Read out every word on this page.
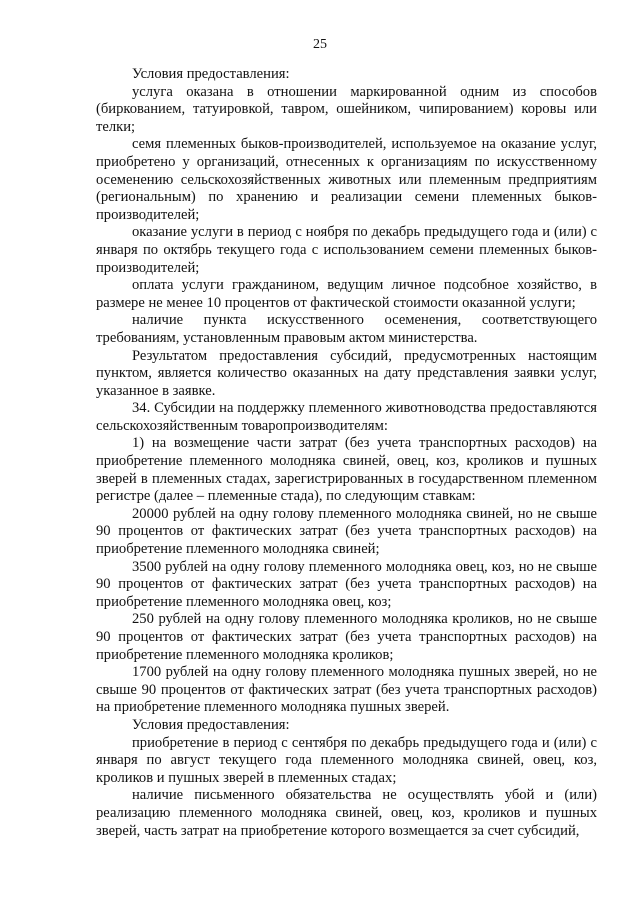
25

Условия предоставления:

услуга оказана в отношении маркированной одним из способов (биркованием, татуировкой, тавром, ошейником, чипированием) коровы или телки;

семя племенных быков-производителей, используемое на оказание услуг, приобретено у организаций, отнесенных к организациям по искусственному осеменению сельскохозяйственных животных или племенным предприятиям (региональным) по хранению и реализации семени племенных быков-производителей;

оказание услуги в период с ноября по декабрь предыдущего года и (или) с января по октябрь текущего года с использованием семени племенных быков-производителей;

оплата услуги гражданином, ведущим личное подсобное хозяйство, в размере не менее 10 процентов от фактической стоимости оказанной услуги;

наличие пункта искусственного осеменения, соответствующего требованиям, установленным правовым актом министерства.

Результатом предоставления субсидий, предусмотренных настоящим пунктом, является количество оказанных на дату представления заявки услуг, указанное в заявке.

34. Субсидии на поддержку племенного животноводства предоставляются сельскохозяйственным товаропроизводителям:

1) на возмещение части затрат (без учета транспортных расходов) на приобретение племенного молодняка свиней, овец, коз, кроликов и пушных зверей в племенных стадах, зарегистрированных в государственном племенном регистре (далее – племенные стада), по следующим ставкам:

20000 рублей на одну голову племенного молодняка свиней, но не свыше 90 процентов от фактических затрат (без учета транспортных расходов) на приобретение племенного молодняка свиней;

3500 рублей на одну голову племенного молодняка овец, коз, но не свыше 90 процентов от фактических затрат (без учета транспортных расходов) на приобретение племенного молодняка овец, коз;

250 рублей на одну голову племенного молодняка кроликов, но не свыше 90 процентов от фактических затрат (без учета транспортных расходов) на приобретение племенного молодняка кроликов;

1700 рублей на одну голову племенного молодняка пушных зверей, но не свыше 90 процентов от фактических затрат (без учета транспортных расходов) на приобретение племенного молодняка пушных зверей.

Условия предоставления:

приобретение в период с сентября по декабрь предыдущего года и (или) с января по август текущего года племенного молодняка свиней, овец, коз, кроликов и пушных зверей в племенных стадах;

наличие письменного обязательства не осуществлять убой и (или) реализацию племенного молодняка свиней, овец, коз, кроликов и пушных зверей, часть затрат на приобретение которого возмещается за счет субсидий,
